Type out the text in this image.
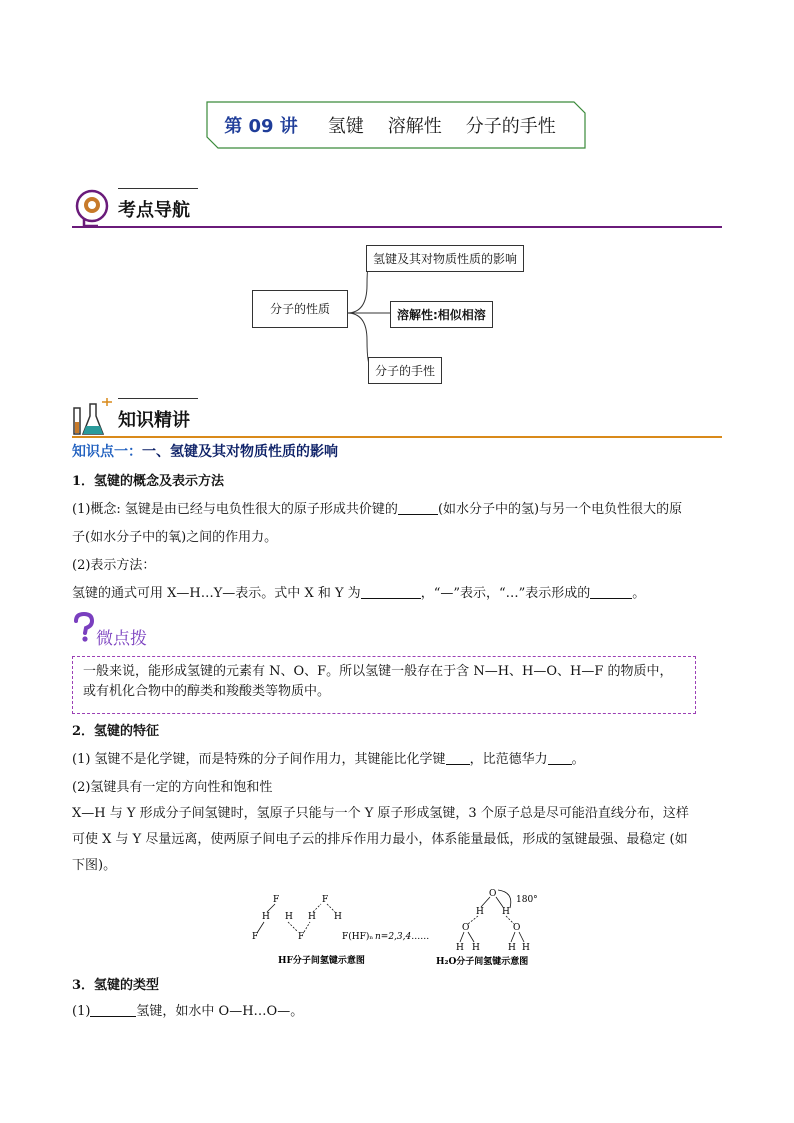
第 09 讲 氢键 溶解性 分子的手性
考点导航
分子的性质
氢键及其对物质性质的影响
溶解性:相似相溶
分子的手性
知识精讲
知识点一：一、氢键及其对物质性质的影响
1．氢键的概念及表示方法
(1)概念: 氢键是由已经与电负性很大的原子形成共价键的	(如水分子中的氢)与另一个电负性很大的原
子(如水分子中的氧)之间的作用力。
(2)表示方法：
氢键的通式可用 X—H…Y—表示。式中 X 和 Y 为	，“—”表示，“…”表示形成的	。
微点拨
一般来说，能形成氢键的元素有 N、O、F。所以氢键一般存在于含 N—H、H—O、H—F 的物质中，
或有机化合物中的醇类和羧酸类等物质中。
2．氢键的特征
(1) 氢键不是化学键，而是特殊的分子间作用力，其键能比化学键 ，比范德华力 。
(2)氢键具有一定的方向性和饱和性
X—H 与 Y 形成分子间氢键时，氢原子只能与一个 Y 原子形成氢键，3 个原子总是尽可能沿直线分布，这样
可使 X 与 Y 尽量远离，使两原子间电子云的排斥作用力最小，体系能量最低，形成的氢键最强、最稳定 (如
下图)。
F
H
F
H
F
H
F
H
F(HF)ₙ n=2,3,4……
HF分子间氢键示意图
O
H H
O	O
H H	H H
180°
H₂O分子间氢键示意图
3．氢键的类型
(1)	氢键，如水中 O—H…O—。
